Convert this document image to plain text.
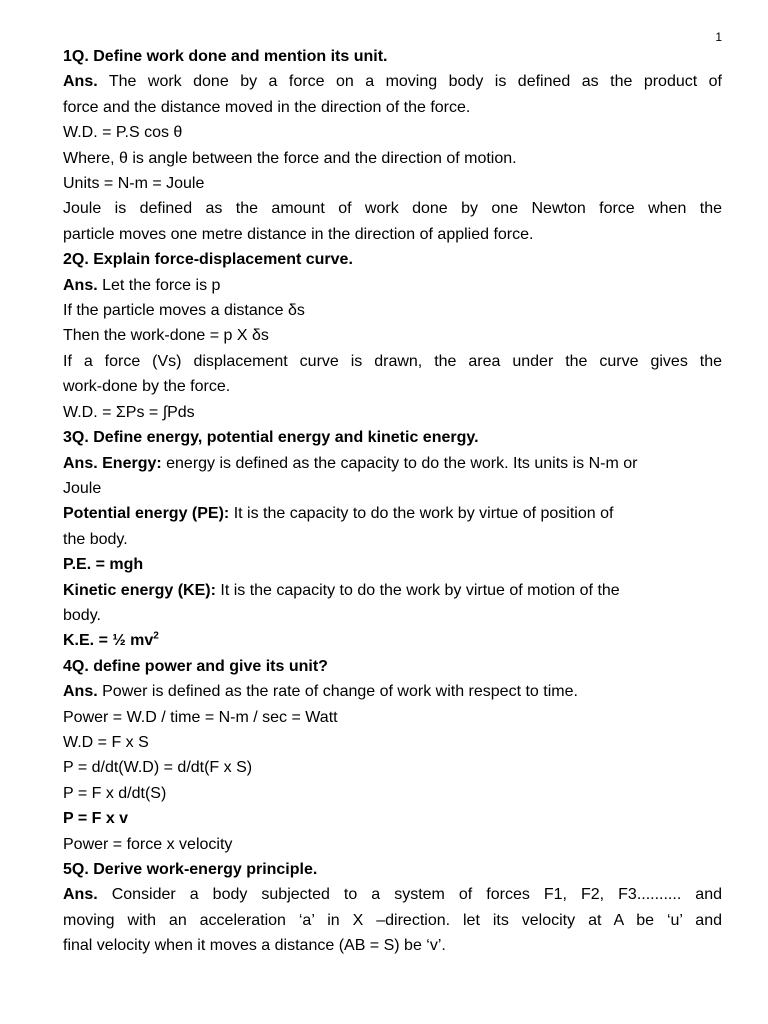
1
1Q. Define work done and mention its unit.
Ans. The work done by a force on a moving body is defined as the product of
force and the distance moved in the direction of the force.
W.D. = P.S cos θ
Where, θ is angle between the force and the direction of motion.
Units = N-m = Joule
Joule is defined as the amount of work done by one Newton force when the
particle moves one metre distance in the direction of applied force.
2Q. Explain force-displacement curve.
Ans. Let the force is p
If the particle moves a distance δs
Then the work-done = p X δs
If a force (Vs) displacement curve is drawn, the area under the curve gives the
work-done by the force.
W.D. = ΣPs = ∫Pds
3Q. Define energy, potential energy and kinetic energy.
Ans. Energy: energy is defined as the capacity to do the work. Its units is N-m or
Joule
Potential energy (PE): It is the capacity to do the work by virtue of position of
the body.
P.E. = mgh
Kinetic energy (KE): It is the capacity to do the work by virtue of motion of the
body.
K.E. = ½ $mv^2$
4Q. define power and give its unit?
Ans. Power is defined as the rate of change of work with respect to time.
Power = W.D / time = N-m / sec = Watt
W.D = F x S
P = d/dt(W.D) = d/dt(F x S)
P = F x d/dt(S)
P = F x v
Power = force x velocity
5Q. Derive work-energy principle.
Ans. Consider a body subjected to a system of forces F1, F2, F3.......... and
moving with an acceleration ‘a’ in X –direction. let its velocity at A be ‘u’ and
final velocity when it moves a distance (AB = S) be ‘v’.
